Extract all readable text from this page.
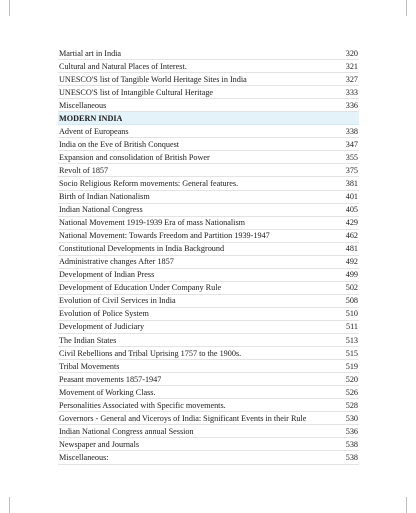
Martial art in India	320
Cultural and Natural Places of Interest.	321
UNESCO'S list of Tangible World Heritage Sites in India	327
UNESCO'S list of Intangible Cultural Heritage	333
Miscellaneous	336
MODERN INDIA
Advent of Europeans	338
India on the Eve of British Conquest	347
Expansion and consolidation of British Power	355
Revolt of 1857	375
Socio Religious Reform movements: General features.	381
Birth of Indian Nationalism	401
Indian National Congress	405
National Movement 1919-1939 Era of mass Nationalism	429
National Movement: Towards Freedom and Partition 1939-1947	462
Constitutional Developments in India Background	481
Administrative changes After 1857	492
Development of Indian Press	499
Development of Education Under Company Rule	502
Evolution of Civil Services in India	508
Evolution of Police System	510
Development of Judiciary	511
The Indian States	513
Civil Rebellions and Tribal Uprising 1757 to the 1900s.	515
Tribal Movements	519
Peasant movements 1857-1947	520
Movement of Working Class.	526
Personalities Associated with Specific movements.	528
Governors - General and Viceroys of India: Significant Events in their Rule	530
Indian National Congress annual Session	536
Newspaper and Journals	538
Miscellaneous:	538
